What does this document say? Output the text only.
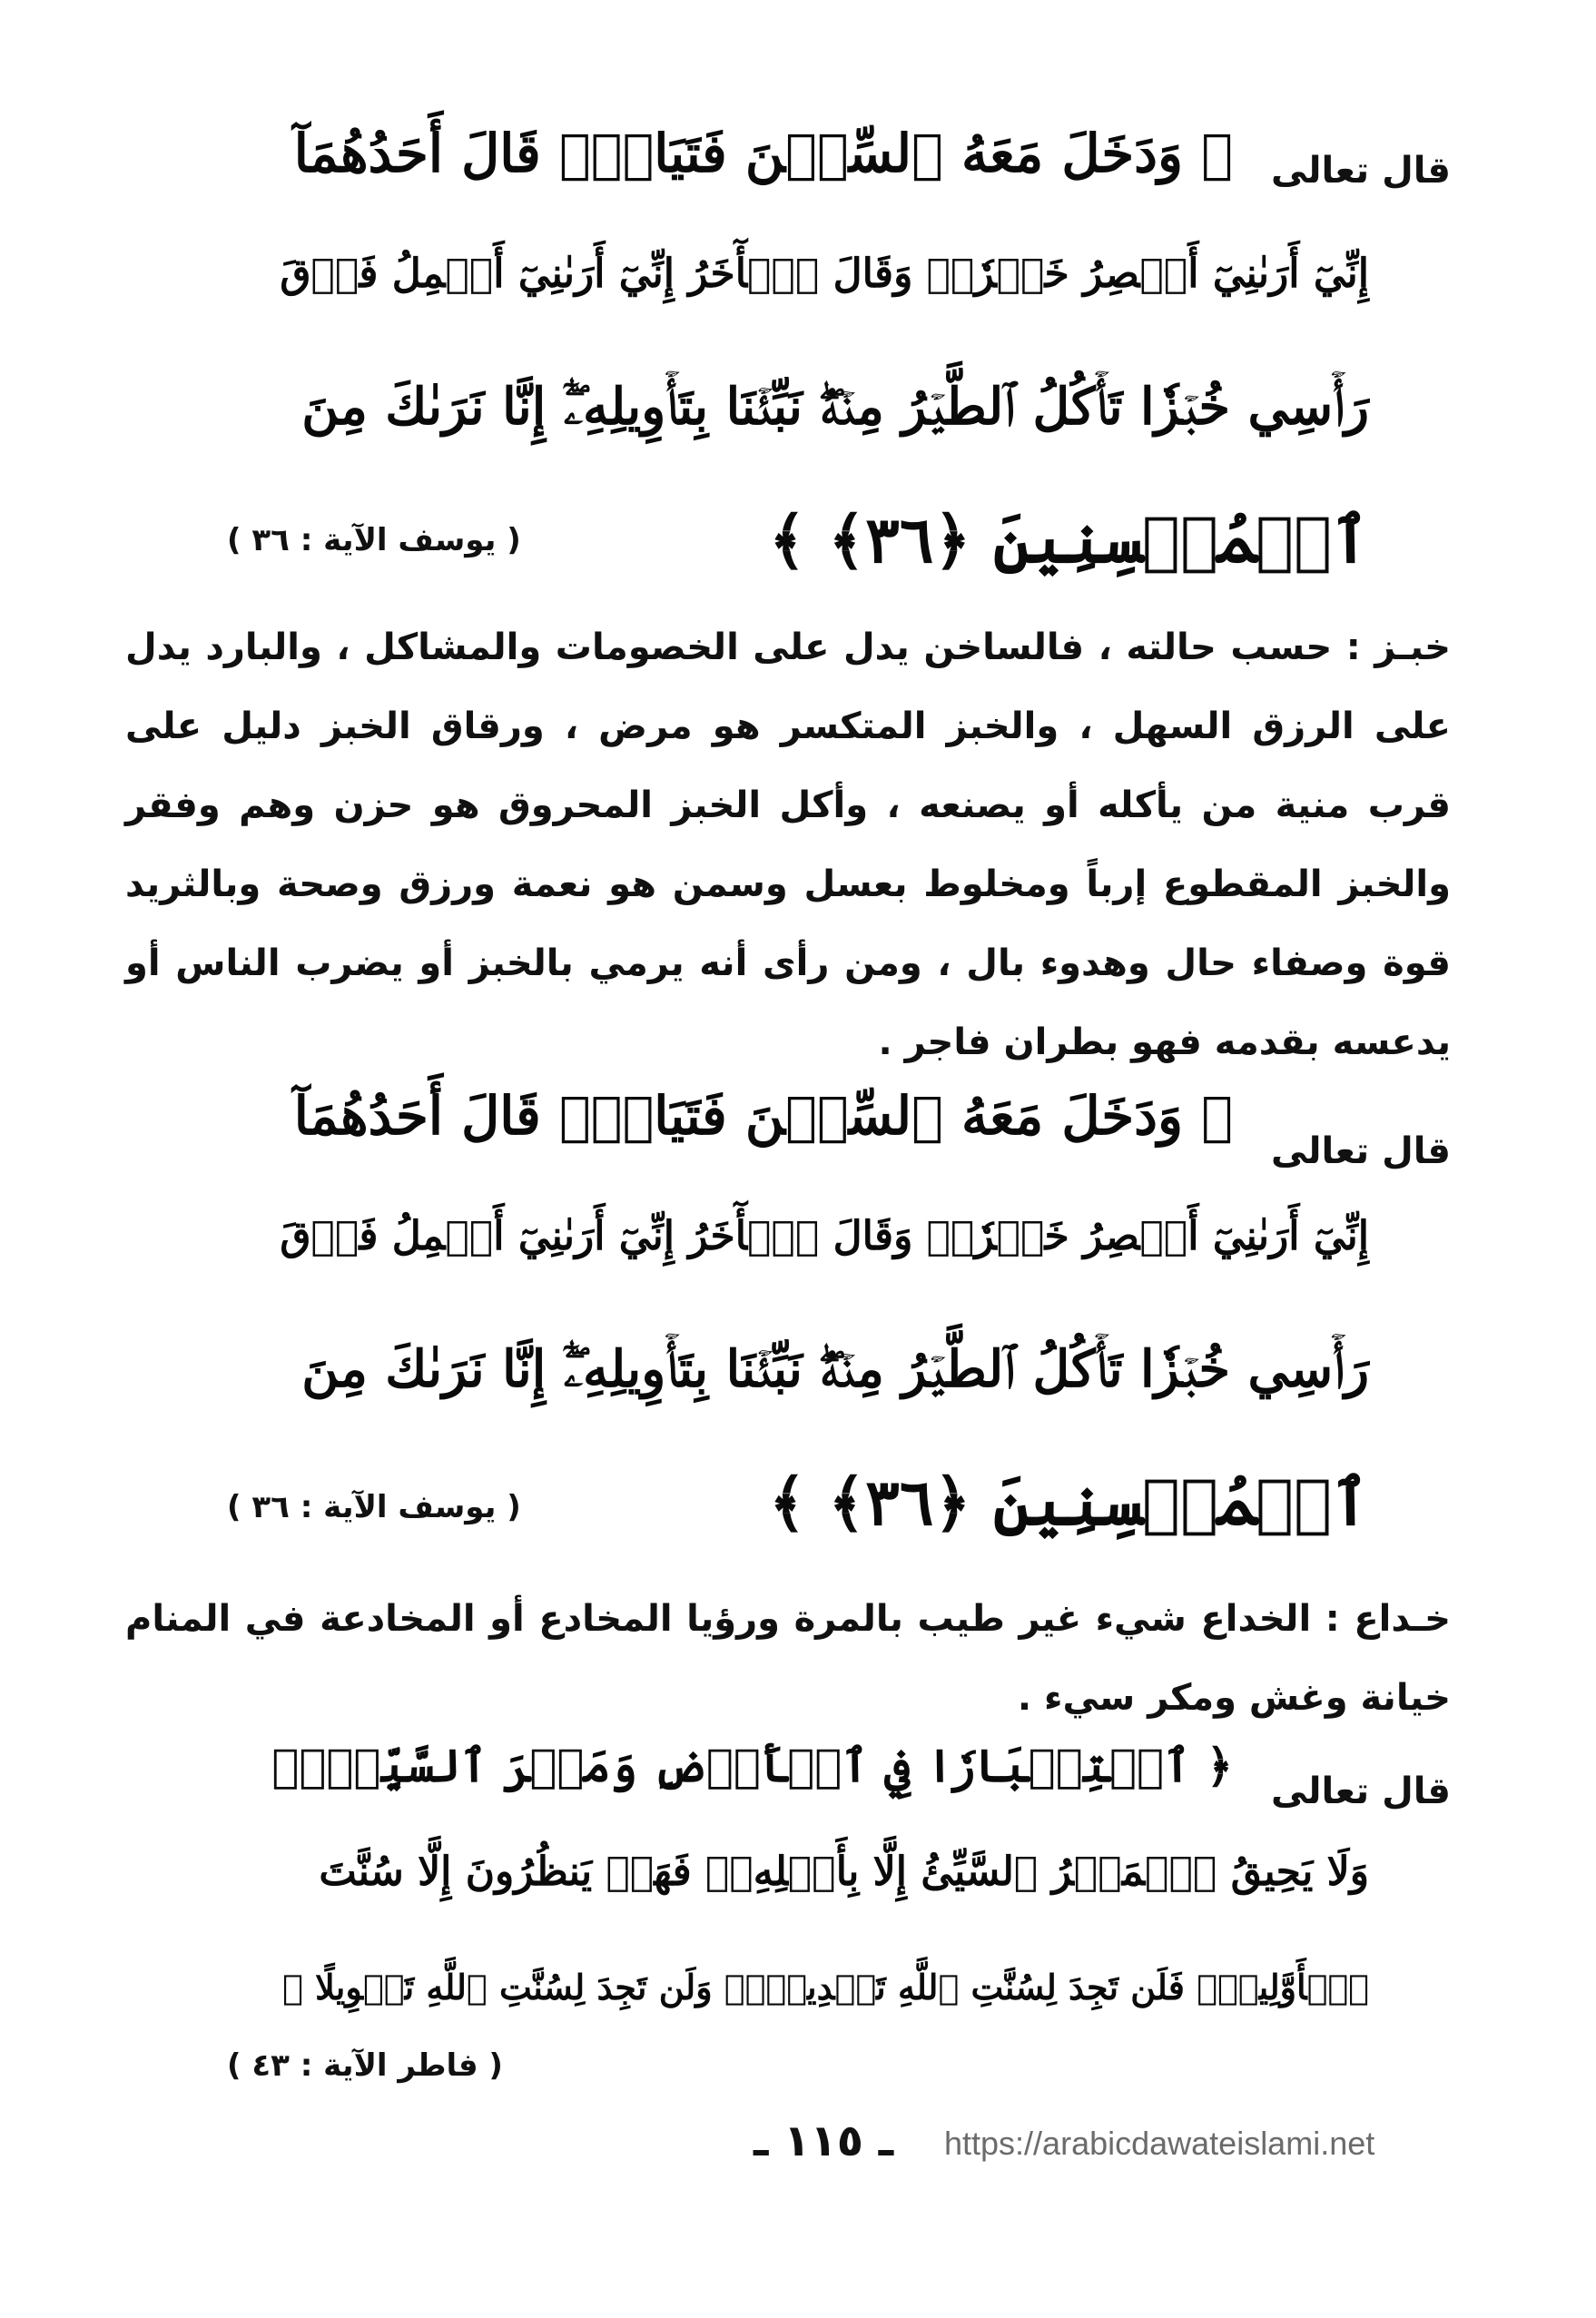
قال تعالى
﴿ وَدَخَلَ مَعَهُ ٱلسِّجۡنَ فَتَيَانِۖ قَالَ أَحَدُهُمَآ
إِنِّيٓ أَرَىٰنِيٓ أَعۡصِرُ خَمۡرٗاۖ وَقَالَ ٱلۡأٓخَرُ إِنِّيٓ أَرَىٰنِيٓ أَحۡمِلُ فَوۡقَ
رَأۡسِي خُبۡزٗا تَأۡكُلُ ٱلطَّيۡرُ مِنۡهُۖ نَبِّئۡنَا بِتَأۡوِيلِهِۦٓۖ إِنَّا نَرَىٰكَ مِنَ
ٱلۡمُحۡسِنِينَ ﴿٣٦﴾ ﴾
( يوسف الآية : ٣٦ )
خبـز : حسب حالته ، فالساخن يدل على الخصومات والمشاكل ، والبارد يدل على الرزق السهل ، والخبز المتكسر هو مرض ، ورقاق الخبز دليل على قرب منية من يأكله أو يصنعه ، وأكل الخبز المحروق هو حزن وهم وفقر والخبز المقطوع إرباً ومخلوط بعسل وسمن هو نعمة ورزق وصحة وبالثريد قوة وصفاء حال وهدوء بال ، ومن رأى أنه يرمي بالخبز أو يضرب الناس أو يدعسه بقدمه فهو بطران فاجر .
قال تعالى
﴿ وَدَخَلَ مَعَهُ ٱلسِّجۡنَ فَتَيَانِۖ قَالَ أَحَدُهُمَآ
إِنِّيٓ أَرَىٰنِيٓ أَعۡصِرُ خَمۡرٗاۖ وَقَالَ ٱلۡأٓخَرُ إِنِّيٓ أَرَىٰنِيٓ أَحۡمِلُ فَوۡقَ
رَأۡسِي خُبۡزٗا تَأۡكُلُ ٱلطَّيۡرُ مِنۡهُۖ نَبِّئۡنَا بِتَأۡوِيلِهِۦٓۖ إِنَّا نَرَىٰكَ مِنَ
ٱلۡمُحۡسِنِينَ ﴿٣٦﴾ ﴾
( يوسف الآية : ٣٦ )
خـداع : الخداع شيء غير طيب بالمرة ورؤيا المخادع أو المخادعة في المنام خيانة وغش ومكر سيء .
قال تعالى
﴿ ٱسۡتِكۡبَارٗا فِي ٱلۡأَرۡضِ وَمَكۡرَ ٱلسَّيِّيِٕۚ
وَلَا يَحِيقُ ٱلۡمَكۡرُ ٱلسَّيِّئُ إِلَّا بِأَهۡلِهِۦۚ فَهَلۡ يَنظُرُونَ إِلَّا سُنَّتَ
ٱلۡأَوَّلِينَۚ فَلَن تَجِدَ لِسُنَّتِ ٱللَّهِ تَبۡدِيلٗاۖ وَلَن تَجِدَ لِسُنَّتِ ٱللَّهِ تَحۡوِيلًا ﴾
( فاطر الآية : ٤٣ )
ـ ١١٥ ـ https://arabicdawateislami.net
